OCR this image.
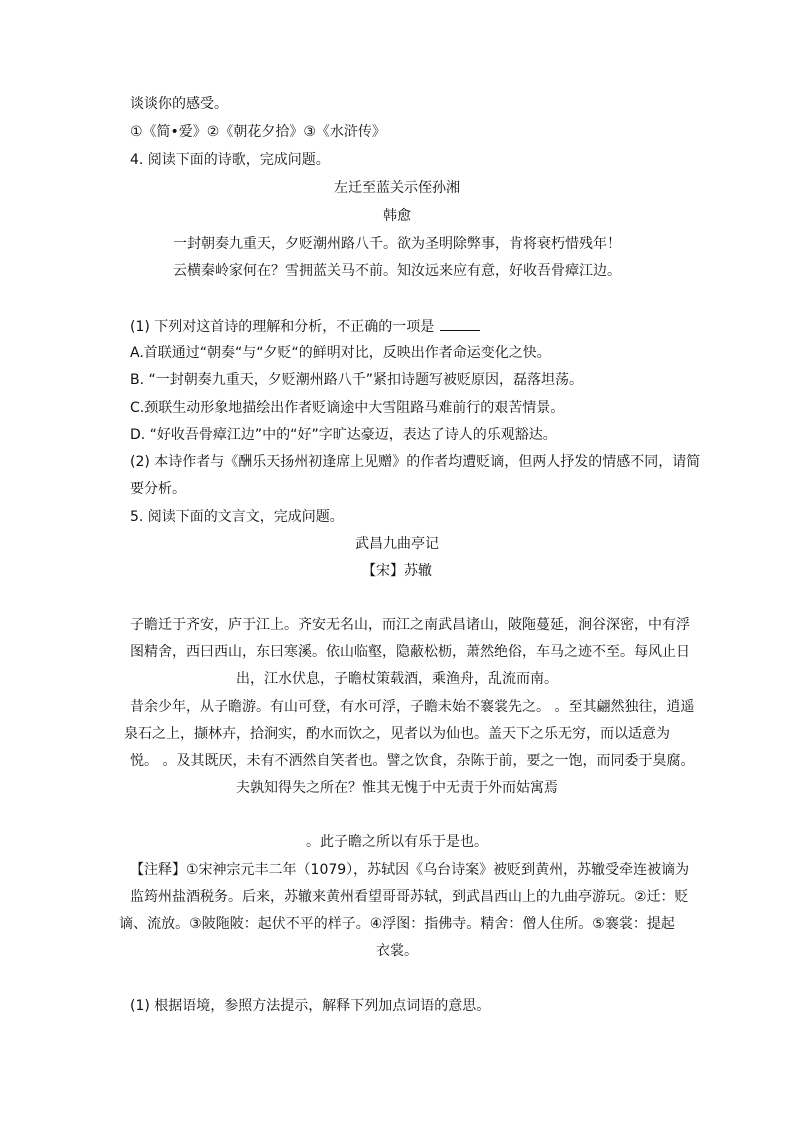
谈谈你的感受。
①《简•爱》②《朝花夕拾》③《水浒传》
4. 阅读下面的诗歌，完成问题。
左迁至蓝关示侄孙湘
韩愈
一封朝奏九重天，夕贬潮州路八千。欲为圣明除弊事，肯将衰朽惜残年！
云横秦岭家何在？雪拥蓝关马不前。知汝远来应有意，好收吾骨瘴江边。
(1) 下列对这首诗的理解和分析，不正确的一项是
A.首联通过“朝奏“与“夕贬“的鲜明对比，反映出作者命运变化之快。
B. “一封朝奏九重天，夕贬潮州路八千”紧扣诗题写被贬原因，磊落坦荡。
C.颈联生动形象地描绘出作者贬谪途中大雪阻路马难前行的艰苦情景。
D. “好收吾骨瘴江边”中的“好”字旷达豪迈，表达了诗人的乐观豁达。
(2) 本诗作者与《酬乐天扬州初逢席上见赠》的作者均遭贬谪，但两人抒发的情感不同，请简
要分析。
5. 阅读下面的文言文，完成问题。
武昌九曲亭记
【宋】苏辙
子瞻迁于齐安，庐于江上。齐安无名山，而江之南武昌诸山，陂陁蔓延，涧谷深密，中有浮
图精舍，西曰西山，东曰寒溪。依山临壑，隐蔽松枥，萧然绝俗，车马之迹不至。每风止日
出，江水伏息，子瞻杖策载酒，乘渔舟，乱流而南。
昔余少年，从子瞻游。有山可登，有水可浮，子瞻未始不褰裳先之。 。至其翩然独往，逍遥
泉石之上，撷林卉，拾涧实，酌水而饮之，见者以为仙也。盖天下之乐无穷，而以适意为
悦。 。及其既厌，未有不洒然自笑者也。譬之饮食，杂陈于前，要之一饱，而同委于臭腐。
夫孰知得失之所在？惟其无愧于中无责于外而姑寓焉
。此子瞻之所以有乐于是也。
【注释】①宋神宗元丰二年（1079），苏轼因《乌台诗案》被贬到黄州，苏辙受牵连被谪为
监筠州盐酒税务。后来，苏辙来黄州看望哥哥苏轼，到武昌西山上的九曲亭游玩。②迁：贬
谪、流放。③陂陁陂：起伏不平的样子。④浮图：指佛寺。精舍：僧人住所。⑤褰裳：提起
衣裳。
(1) 根据语境，参照方法提示，解释下列加点词语的意思。
